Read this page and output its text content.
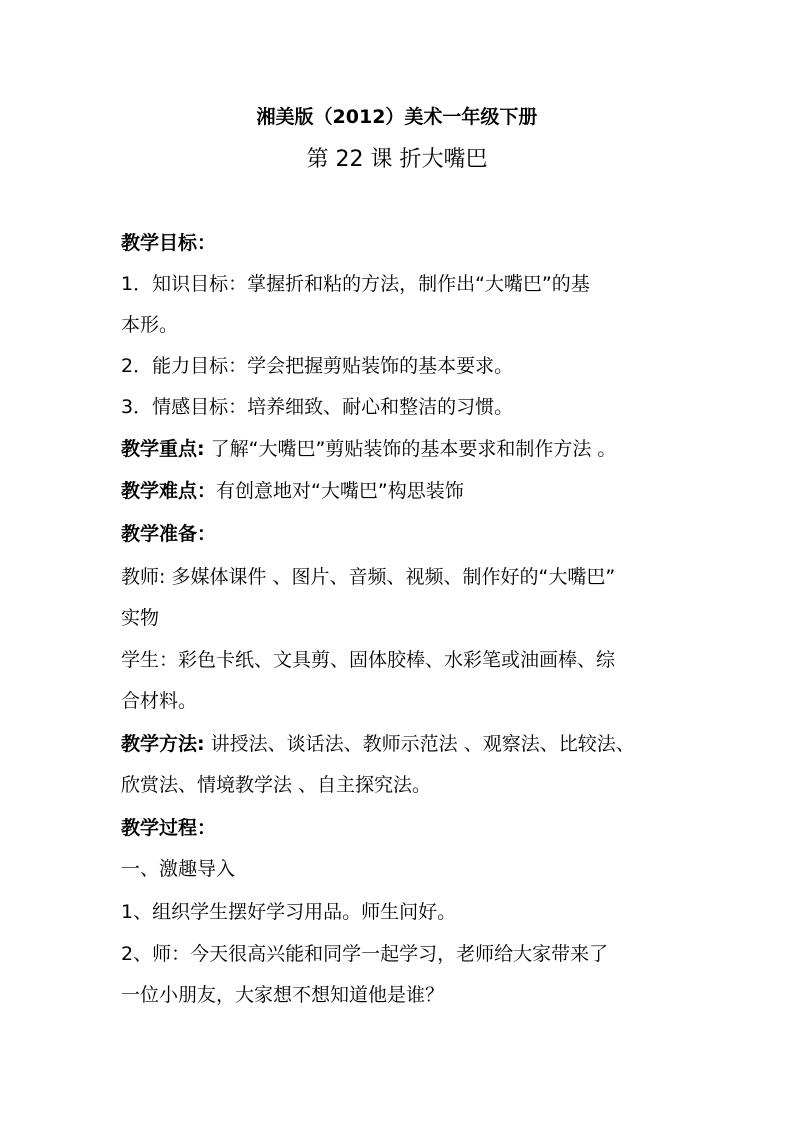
湘美版（2012）美术一年级下册
第 22 课 折大嘴巴
教学目标：
1．知识目标：掌握折和粘的方法，制作出“大嘴巴”的基
本形。
2．能力目标：学会把握剪贴装饰的基本要求。
3．情感目标：培养细致、耐心和整洁的习惯。
教学重点: 了解“大嘴巴”剪贴装饰的基本要求和制作方法 。
教学难点：有创意地对“大嘴巴”构思装饰
教学准备：
教师: 多媒体课件 、图片、音频、视频、制作好的“大嘴巴”
实物
学生：彩色卡纸、文具剪、固体胶棒、水彩笔或油画棒、综
合材料。
教学方法: 讲授法、谈话法、教师示范法 、观察法、比较法、
欣赏法、情境教学法 、自主探究法。
教学过程：
一、激趣导入
1、组织学生摆好学习用品。师生问好。
2、师：今天很高兴能和同学一起学习，老师给大家带来了
一位小朋友，大家想不想知道他是谁？
